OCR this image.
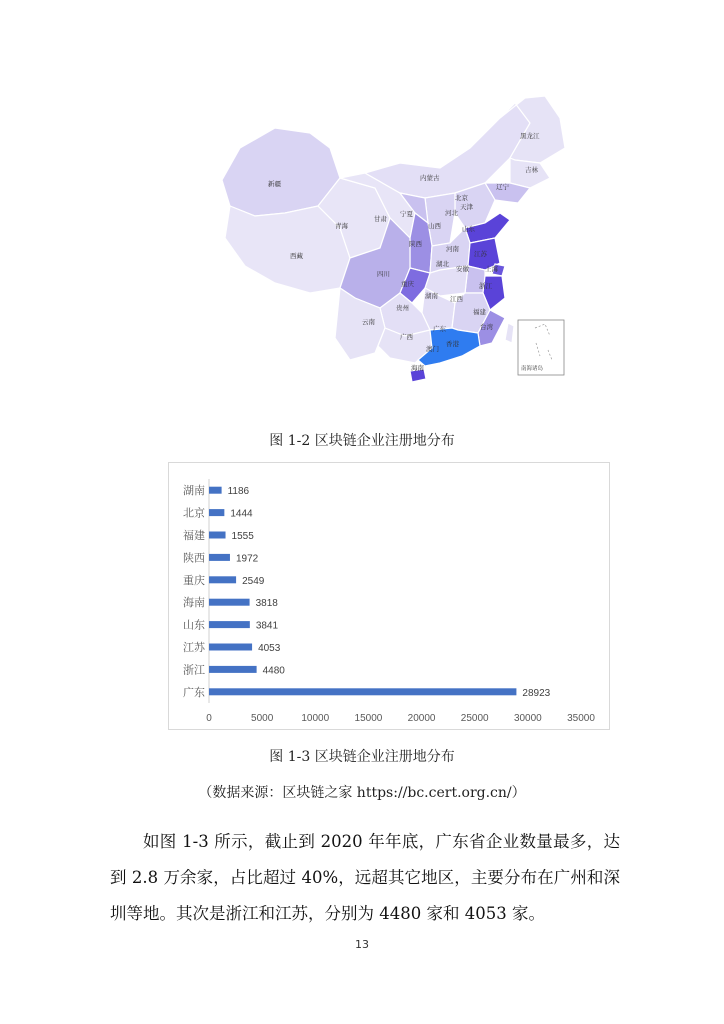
新疆
西藏
青海
甘肃
内蒙古
黑龙江
吉林
辽宁
北京
天津
河北
山西	山东
宁夏
陕西
河南
江苏
安徽 上海
湖北
四川
重庆	浙江
湖南 江西
贵州	福建
云南
广西
广东	台湾
香港
澳门
海南	南海诸岛
图 1-2 区块链企业注册地分布
湖南 1186
北京	1444
福建	1555
陕西	1972
重庆	2549
海南	3818
山东	3841
江苏	4053
浙江	4480
广东	28923
0	5000	10000	15000	20000	25000	30000	35000
图 1-3 区块链企业注册地分布
（数据来源：区块链之家 https://bc.cert.org.cn/）

如图 1-3 所示，截止到 2020 年年底，广东省企业数量最多，达到 2.8 万余家，占比超过 40%，远超其它地区，主要分布在广州和深圳等地。其次是浙江和江苏，分别为 4480 家和 4053 家。

13
